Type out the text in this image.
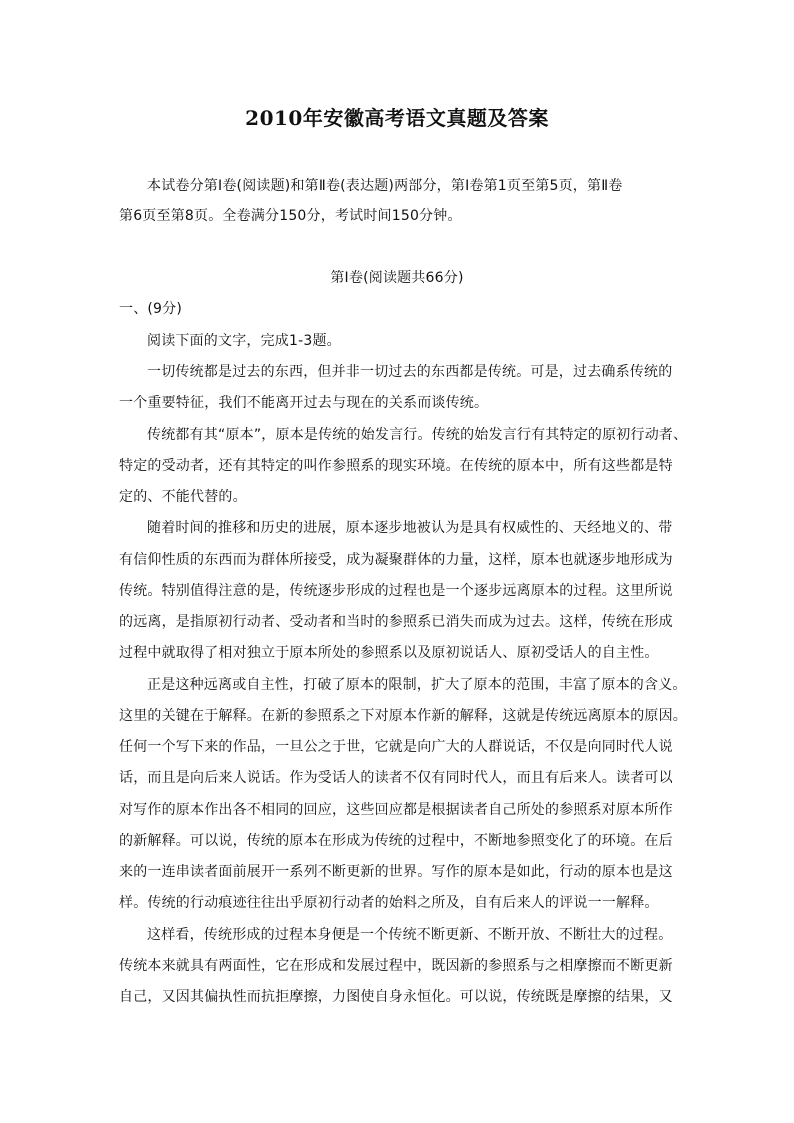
2010年安徽高考语文真题及答案
本试卷分第Ⅰ卷(阅读题)和第Ⅱ卷(表达题)两部分，第Ⅰ卷第1页至第5页，第Ⅱ卷
第6页至第8页。全卷满分150分，考试时间150分钟。
第Ⅰ卷(阅读题共66分)
一、(9分)
阅读下面的文字，完成1-3题。
一切传统都是过去的东西，但并非一切过去的东西都是传统。可是，过去确系传统的
一个重要特征，我们不能离开过去与现在的关系而谈传统。
传统都有其“原本”，原本是传统的始发言行。传统的始发言行有其特定的原初行动者、
特定的受动者，还有其特定的叫作参照系的现实环境。在传统的原本中，所有这些都是特
定的、不能代替的。
随着时间的推移和历史的进展，原本逐步地被认为是具有权威性的、天经地义的、带
有信仰性质的东西而为群体所接受，成为凝聚群体的力量，这样，原本也就逐步地形成为
传统。特别值得注意的是，传统逐步形成的过程也是一个逐步远离原本的过程。这里所说
的远离，是指原初行动者、受动者和当时的参照系已消失而成为过去。这样，传统在形成
过程中就取得了相对独立于原本所处的参照系以及原初说话人、原初受话人的自主性。
正是这种远离或自主性，打破了原本的限制，扩大了原本的范围，丰富了原本的含义。
这里的关键在于解释。在新的参照系之下对原本作新的解释，这就是传统远离原本的原因。
任何一个写下来的作品，一旦公之于世，它就是向广大的人群说话，不仅是向同时代人说
话，而且是向后来人说话。作为受话人的读者不仅有同时代人，而且有后来人。读者可以
对写作的原本作出各不相同的回应，这些回应都是根据读者自己所处的参照系对原本所作
的新解释。可以说，传统的原本在形成为传统的过程中，不断地参照变化了的环境。在后
来的一连串读者面前展开一系列不断更新的世界。写作的原本是如此，行动的原本也是这
样。传统的行动痕迹往往出乎原初行动者的始料之所及，自有后来人的评说一一解释。
这样看，传统形成的过程本身便是一个传统不断更新、不断开放、不断壮大的过程。
传统本来就具有两面性，它在形成和发展过程中，既因新的参照系与之相摩擦而不断更新
自己，又因其偏执性而抗拒摩擦，力图使自身永恒化。可以说，传统既是摩擦的结果，又
